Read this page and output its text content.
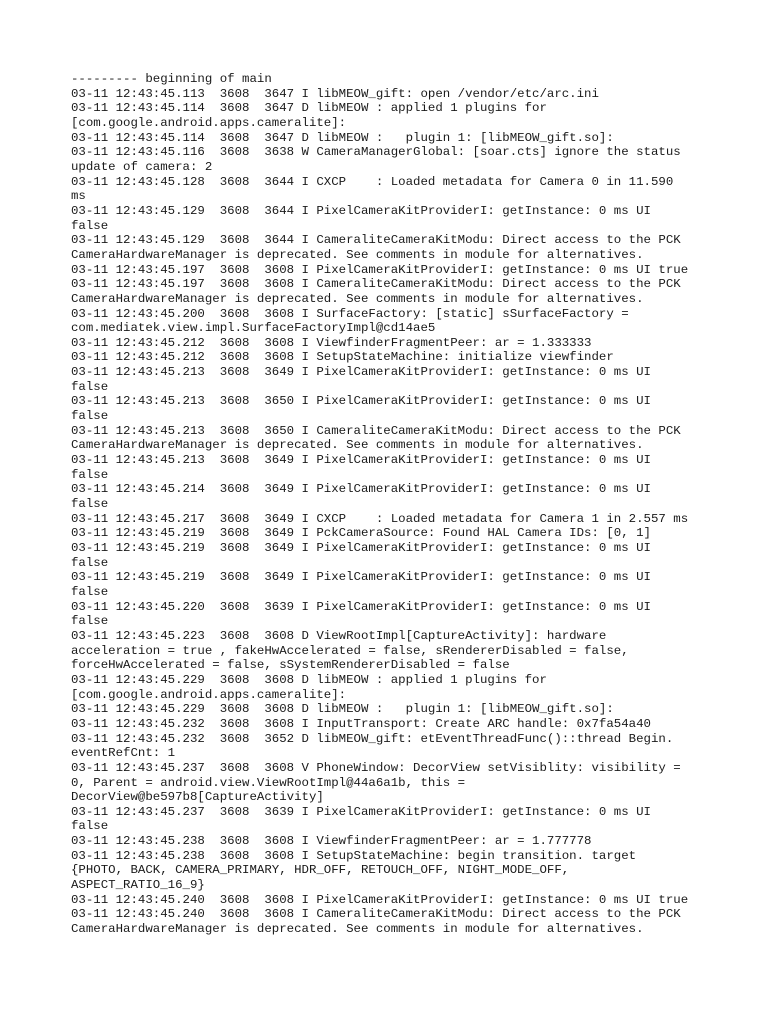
--------- beginning of main
03-11 12:43:45.113  3608  3647 I libMEOW_gift: open /vendor/etc/arc.ini
03-11 12:43:45.114  3608  3647 D libMEOW : applied 1 plugins for
[com.google.android.apps.cameralite]:
03-11 12:43:45.114  3608  3647 D libMEOW :   plugin 1: [libMEOW_gift.so]:
03-11 12:43:45.116  3608  3638 W CameraManagerGlobal: [soar.cts] ignore the status
update of camera: 2
03-11 12:43:45.128  3608  3644 I CXCP    : Loaded metadata for Camera 0 in 11.590
ms
03-11 12:43:45.129  3608  3644 I PixelCameraKitProviderI: getInstance: 0 ms UI
false
03-11 12:43:45.129  3608  3644 I CameraliteCameraKitModu: Direct access to the PCK
CameraHardwareManager is deprecated. See comments in module for alternatives.
03-11 12:43:45.197  3608  3608 I PixelCameraKitProviderI: getInstance: 0 ms UI true
03-11 12:43:45.197  3608  3608 I CameraliteCameraKitModu: Direct access to the PCK
CameraHardwareManager is deprecated. See comments in module for alternatives.
03-11 12:43:45.200  3608  3608 I SurfaceFactory: [static] sSurfaceFactory =
com.mediatek.view.impl.SurfaceFactoryImpl@cd14ae5
03-11 12:43:45.212  3608  3608 I ViewfinderFragmentPeer: ar = 1.333333
03-11 12:43:45.212  3608  3608 I SetupStateMachine: initialize viewfinder
03-11 12:43:45.213  3608  3649 I PixelCameraKitProviderI: getInstance: 0 ms UI
false
03-11 12:43:45.213  3608  3650 I PixelCameraKitProviderI: getInstance: 0 ms UI
false
03-11 12:43:45.213  3608  3650 I CameraliteCameraKitModu: Direct access to the PCK
CameraHardwareManager is deprecated. See comments in module for alternatives.
03-11 12:43:45.213  3608  3649 I PixelCameraKitProviderI: getInstance: 0 ms UI
false
03-11 12:43:45.214  3608  3649 I PixelCameraKitProviderI: getInstance: 0 ms UI
false
03-11 12:43:45.217  3608  3649 I CXCP    : Loaded metadata for Camera 1 in 2.557 ms
03-11 12:43:45.219  3608  3649 I PckCameraSource: Found HAL Camera IDs: [0, 1]
03-11 12:43:45.219  3608  3649 I PixelCameraKitProviderI: getInstance: 0 ms UI
false
03-11 12:43:45.219  3608  3649 I PixelCameraKitProviderI: getInstance: 0 ms UI
false
03-11 12:43:45.220  3608  3639 I PixelCameraKitProviderI: getInstance: 0 ms UI
false
03-11 12:43:45.223  3608  3608 D ViewRootImpl[CaptureActivity]: hardware
acceleration = true , fakeHwAccelerated = false, sRendererDisabled = false,
forceHwAccelerated = false, sSystemRendererDisabled = false
03-11 12:43:45.229  3608  3608 D libMEOW : applied 1 plugins for
[com.google.android.apps.cameralite]:
03-11 12:43:45.229  3608  3608 D libMEOW :   plugin 1: [libMEOW_gift.so]:
03-11 12:43:45.232  3608  3608 I InputTransport: Create ARC handle: 0x7fa54a40
03-11 12:43:45.232  3608  3652 D libMEOW_gift: etEventThreadFunc()::thread Begin.
eventRefCnt: 1
03-11 12:43:45.237  3608  3608 V PhoneWindow: DecorView setVisiblity: visibility =
0, Parent = android.view.ViewRootImpl@44a6a1b, this =
DecorView@be597b8[CaptureActivity]
03-11 12:43:45.237  3608  3639 I PixelCameraKitProviderI: getInstance: 0 ms UI
false
03-11 12:43:45.238  3608  3608 I ViewfinderFragmentPeer: ar = 1.777778
03-11 12:43:45.238  3608  3608 I SetupStateMachine: begin transition. target
{PHOTO, BACK, CAMERA_PRIMARY, HDR_OFF, RETOUCH_OFF, NIGHT_MODE_OFF,
ASPECT_RATIO_16_9}
03-11 12:43:45.240  3608  3608 I PixelCameraKitProviderI: getInstance: 0 ms UI true
03-11 12:43:45.240  3608  3608 I CameraliteCameraKitModu: Direct access to the PCK
CameraHardwareManager is deprecated. See comments in module for alternatives.
